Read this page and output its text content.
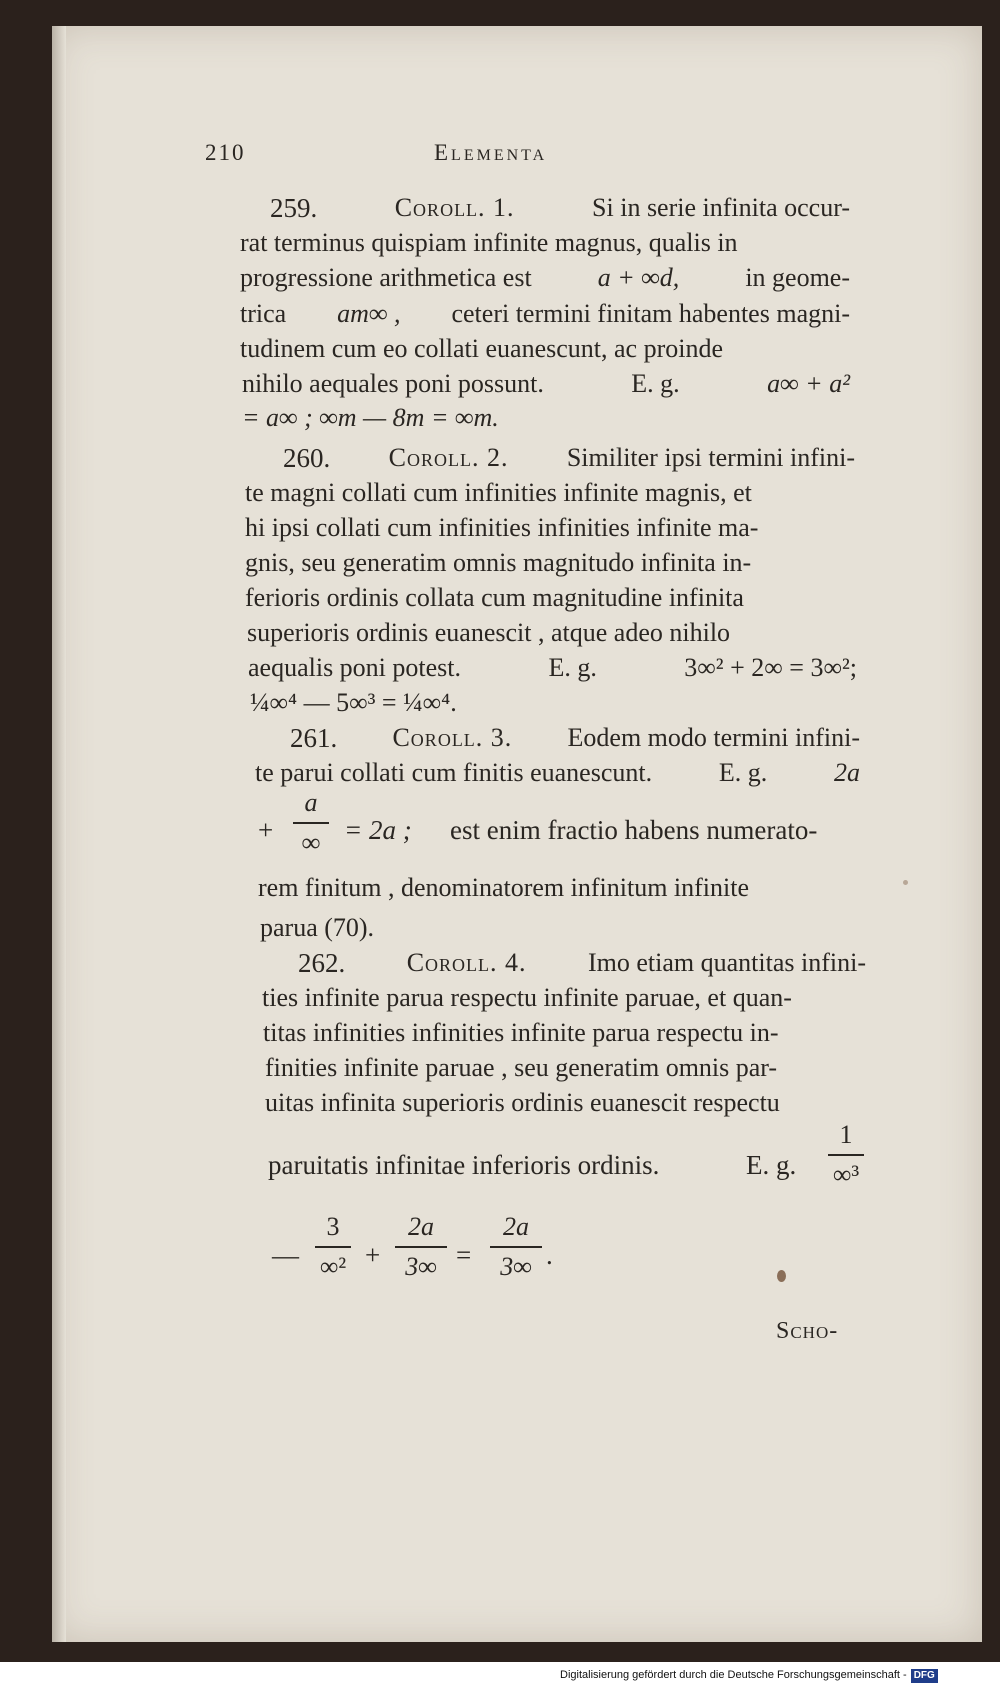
210	Elementa
259.	Coroll. 1.	Si in serie infinita occur-
rat terminus quispiam infinite magnus, qualis in
progressione arithmetica est	a + ∞d,	in geome-
trica am∞ , ceteri termini finitam habentes magni-
tudinem cum eo collati euanescunt, ac proinde
nihilo aequales poni possunt.	E. g.	a∞ + a²
= a∞ ; ∞m — 8m = ∞m.
260. Coroll. 2. Similiter ipsi termini infini-
te magni collati cum infinities infinite magnis, et
hi ipsi collati cum infinities infinities infinite ma-
gnis, seu generatim omnis magnitudo infinita in-
ferioris ordinis collata cum magnitudine infinita
superioris ordinis euanescit , atque adeo nihilo
aequalis poni potest.	E. g.	3∞² + 2∞ = 3∞²;
¼∞⁴ — 5∞³ = ¼∞⁴.
261. Coroll. 3. Eodem modo termini infini-
te parui collati cum finitis euanescunt.	E. g.	2a
+
a
∞ = 2a ; est enim fractio habens numerato-
rem finitum , denominatorem infinitum infinite
parua (70).
262. Coroll. 4. Imo etiam quantitas infini-
ties infinite parua respectu infinite paruae, et quan-
titas infinities infinities infinite parua respectu in-
finities infinite paruae , seu generatim omnis par-
uitas infinita superioris ordinis euanescit respectu
paruitatis infinitae inferioris ordinis.	E. g.
1
∞³
—
3
∞² +
2a
3∞ =
2a
3∞ .
Scho-
Digitalisierung gefördert durch die Deutsche Forschungsgemeinschaft - DFG
